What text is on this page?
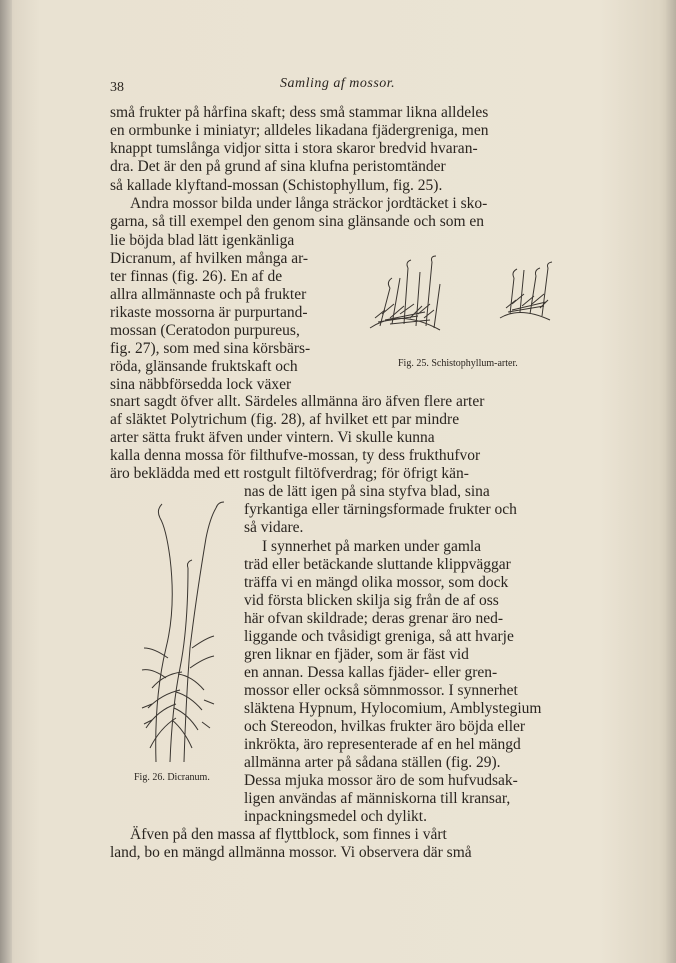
38	Samling af mossor.
små frukter på hårfina skaft; dess små stammar likna alldeles
en ormbunke i miniatyr; alldeles likadana fjädergreniga, men
knappt tumslånga vidjor sitta i stora skaror bredvid hvaran-
dra. Det är den på grund af sina klufna peristomtänder
så kallade klyftand-mossan (Schistophyllum, fig. 25).
Andra mossor bilda under långa sträckor jordtäcket i sko-
garna, så till exempel den genom sina glänsande och som en
lie böjda blad lätt igenkänliga
Dicranum, af hvilken många ar-
ter finnas (fig. 26). En af de
allra allmännaste och på frukter
rikaste mossorna är purpurtand-
mossan (Ceratodon purpureus,
fig. 27), som med sina körsbärs-
röda, glänsande fruktskaft och
sina näbbförsedda lock växer
snart sagdt öfver allt. Särdeles allmänna äro äfven flere arter
af släktet Polytrichum (fig. 28), af hvilket ett par mindre
arter sätta frukt äfven under vintern. Vi skulle kunna
kalla denna mossa för filthufve-mossan, ty dess frukthufvor
äro beklädda med ett rostgult filtöfverdrag; för öfrigt kän-
nas de lätt igen på sina styfva blad, sina
fyrkantiga eller tärningsformade frukter och
så vidare.
I synnerhet på marken under gamla
träd eller betäckande sluttande klippväggar
träffa vi en mängd olika mossor, som dock
vid första blicken skilja sig från de af oss
här ofvan skildrade; deras grenar äro ned-
liggande och tvåsidigt greniga, så att hvarje
gren liknar en fjäder, som är fäst vid
en annan. Dessa kallas fjäder- eller gren-
mossor eller också sömnmossor. I synnerhet
släktena Hypnum, Hylocomium, Amblystegium
och Stereodon, hvilkas frukter äro böjda eller
inkrökta, äro representerade af en hel mängd
allmänna arter på sådana ställen (fig. 29).
Dessa mjuka mossor äro de som hufvudsak-
ligen användas af människorna till kransar,
inpackningsmedel och dylikt.
Äfven på den massa af flyttblock, som finnes i vårt
land, bo en mängd allmänna mossor. Vi observera där små
Fig. 25. Schistophyllum-arter.
Fig. 26. Dicranum.
